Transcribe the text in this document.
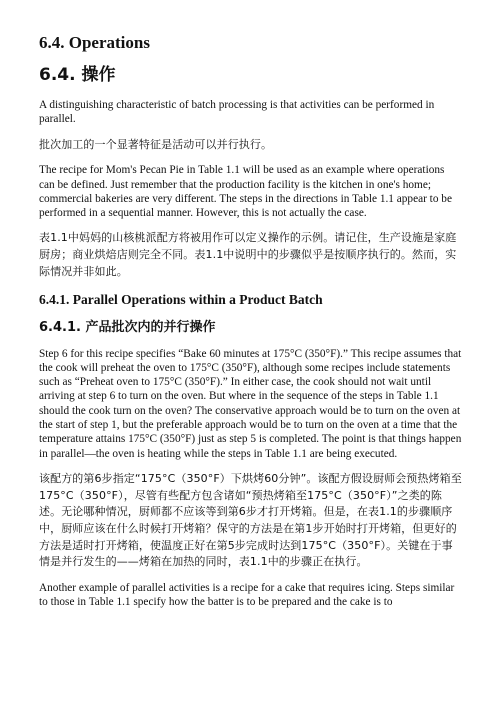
6.4. Operations
6.4. 操作

A distinguishing characteristic of batch processing is that activities can be performed in parallel.

批次加工的一个显著特征是活动可以并行执行。

The recipe for Mom's Pecan Pie in Table 1.1 will be used as an example where operations can be defined. Just remember that the production facility is the kitchen in one's home; commercial bakeries are very different. The steps in the directions in Table 1.1 appear to be performed in a sequential manner. However, this is not actually the case.

表1.1中妈妈的山核桃派配方将被用作可以定义操作的示例。请记住，生产设施是家庭厨房；商业烘焙店则完全不同。表1.1中说明中的步骤似乎是按顺序执行的。然而，实际情况并非如此。

6.4.1. Parallel Operations within a Product Batch
6.4.1. 产品批次内的并行操作

Step 6 for this recipe specifies “Bake 60 minutes at 175°C (350°F).” This recipe assumes that the cook will preheat the oven to 175°C (350°F), although some recipes include statements such as “Preheat oven to 175°C (350°F).” In either case, the cook should not wait until arriving at step 6 to turn on the oven. But where in the sequence of the steps in Table 1.1 should the cook turn on the oven? The conservative approach would be to turn on the oven at the start of step 1, but the preferable approach would be to turn on the oven at a time that the temperature attains 175°C (350°F) just as step 5 is completed. The point is that things happen in parallel—the oven is heating while the steps in Table 1.1 are being executed.

该配方的第6步指定“175°C（350°F）下烘烤60分钟”。该配方假设厨师会预热烤箱至175°C（350°F），尽管有些配方包含诸如“预热烤箱至175°C（350°F）”之类的陈述。无论哪种情况，厨师都不应该等到第6步才打开烤箱。但是，在表1.1的步骤顺序中，厨师应该在什么时候打开烤箱？保守的方法是在第1步开始时打开烤箱，但更好的方法是适时打开烤箱，使温度正好在第5步完成时达到175°C（350°F）。关键在于事情是并行发生的——烤箱在加热的同时，表1.1中的步骤正在执行。

Another example of parallel activities is a recipe for a cake that requires icing. Steps similar to those in Table 1.1 specify how the batter is to be prepared and the cake is to
